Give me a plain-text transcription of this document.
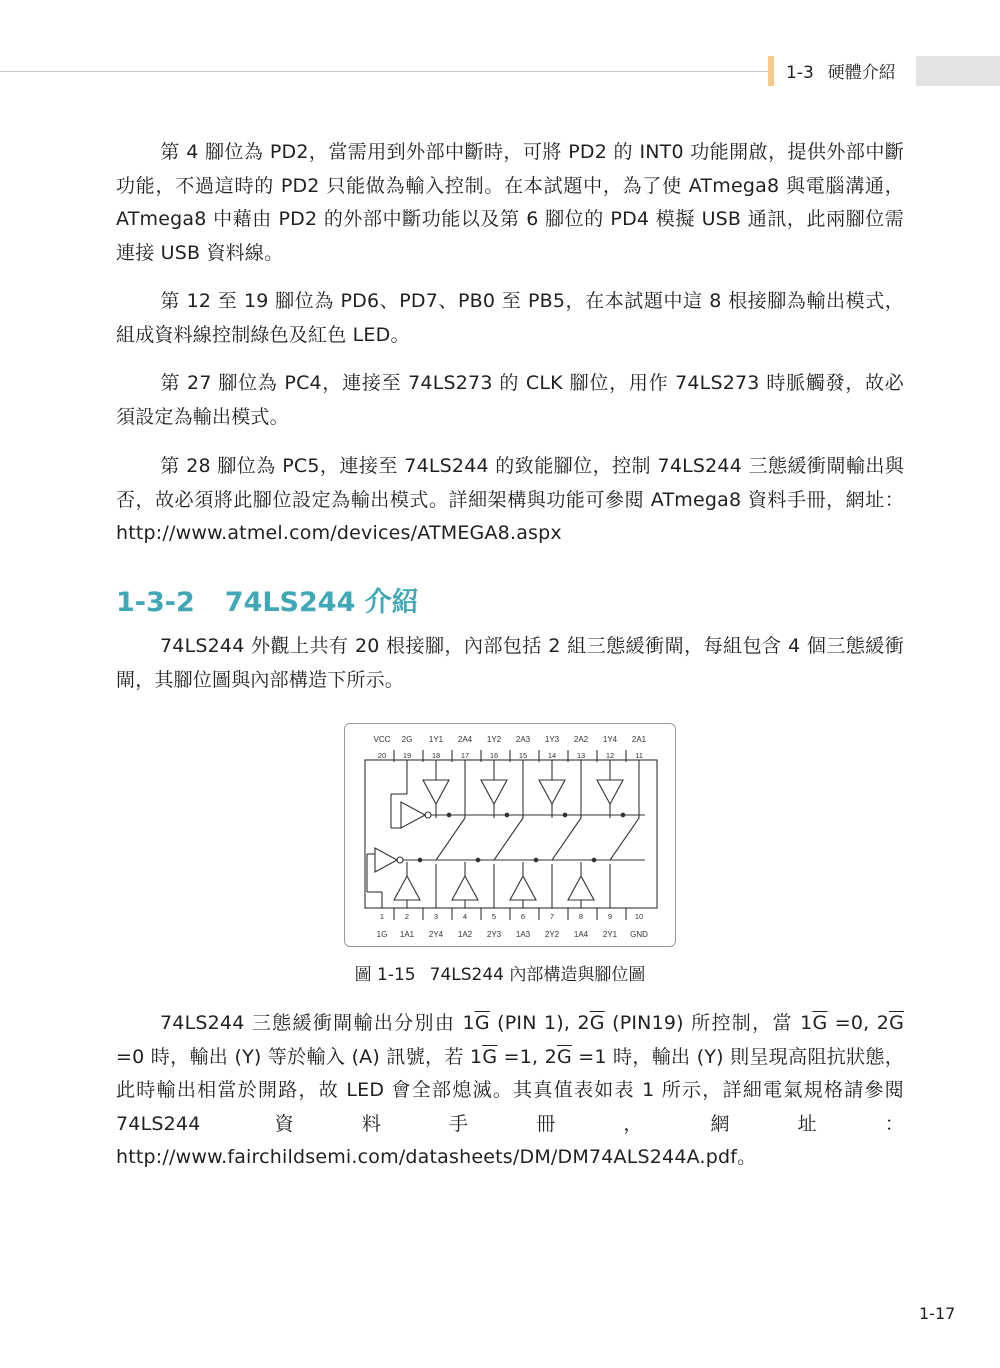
1-3 硬體介紹

第 4 腳位為 PD2，當需用到外部中斷時，可將 PD2 的 INT0 功能開啟，提供外部中斷功能，不過這時的 PD2 只能做為輸入控制。在本試題中，為了使 ATmega8 與電腦溝通，ATmega8 中藉由 PD2 的外部中斷功能以及第 6 腳位的 PD4 模擬 USB 通訊，此兩腳位需連接 USB 資料線。

第 12 至 19 腳位為 PD6、PD7、PB0 至 PB5，在本試題中這 8 根接腳為輸出模式，組成資料線控制綠色及紅色 LED。

第 27 腳位為 PC4，連接至 74LS273 的 CLK 腳位，用作 74LS273 時脈觸發，故必須設定為輸出模式。

第 28 腳位為 PC5，連接至 74LS244 的致能腳位，控制 74LS244 三態緩衝閘輸出與否，故必須將此腳位設定為輸出模式。詳細架構與功能可參閱 ATmega8 資料手冊，網址：http://www.atmel.com/devices/ATMEGA8.aspx

1-3-2 74LS244 介紹

74LS244 外觀上共有 20 根接腳，內部包括 2 組三態緩衝閘，每組包含 4 個三態緩衝閘，其腳位圖與內部構造下所示。

VCC 2G 1Y1 2A4 1Y2 2A3 1Y3 2A2 1Y4 2A1
20 19	18	17	16	15	14	13	12	11
1	2	3	4	5	6	7	8	9	10
1G 1A1 2Y4 1A2 2Y3 1A3 2Y2 1A4 2Y1 GND
圖 1-15 74LS244 內部構造與腳位圖

74LS244 三態緩衝閘輸出分別由 $1\overline{G}$ (PIN 1), $2\overline{G}$ (PIN19) 所控制，當 $1\overline{G} =0$, $2\overline{G} =0$ 時，輸出 (Y) 等於輸入 (A) 訊號，若 $1\overline{G} =1$, $2\overline{G} =1$ 時，輸出 (Y) 則呈現高阻抗狀態，此時輸出相當於開路，故 LED 會全部熄滅。其真值表如表 1 所示，詳細電氣規格請參閱 74LS244 資料手冊，網址：http://www.fairchildsemi.com/datasheets/DM/DM74ALS244A.pdf。

1-17
